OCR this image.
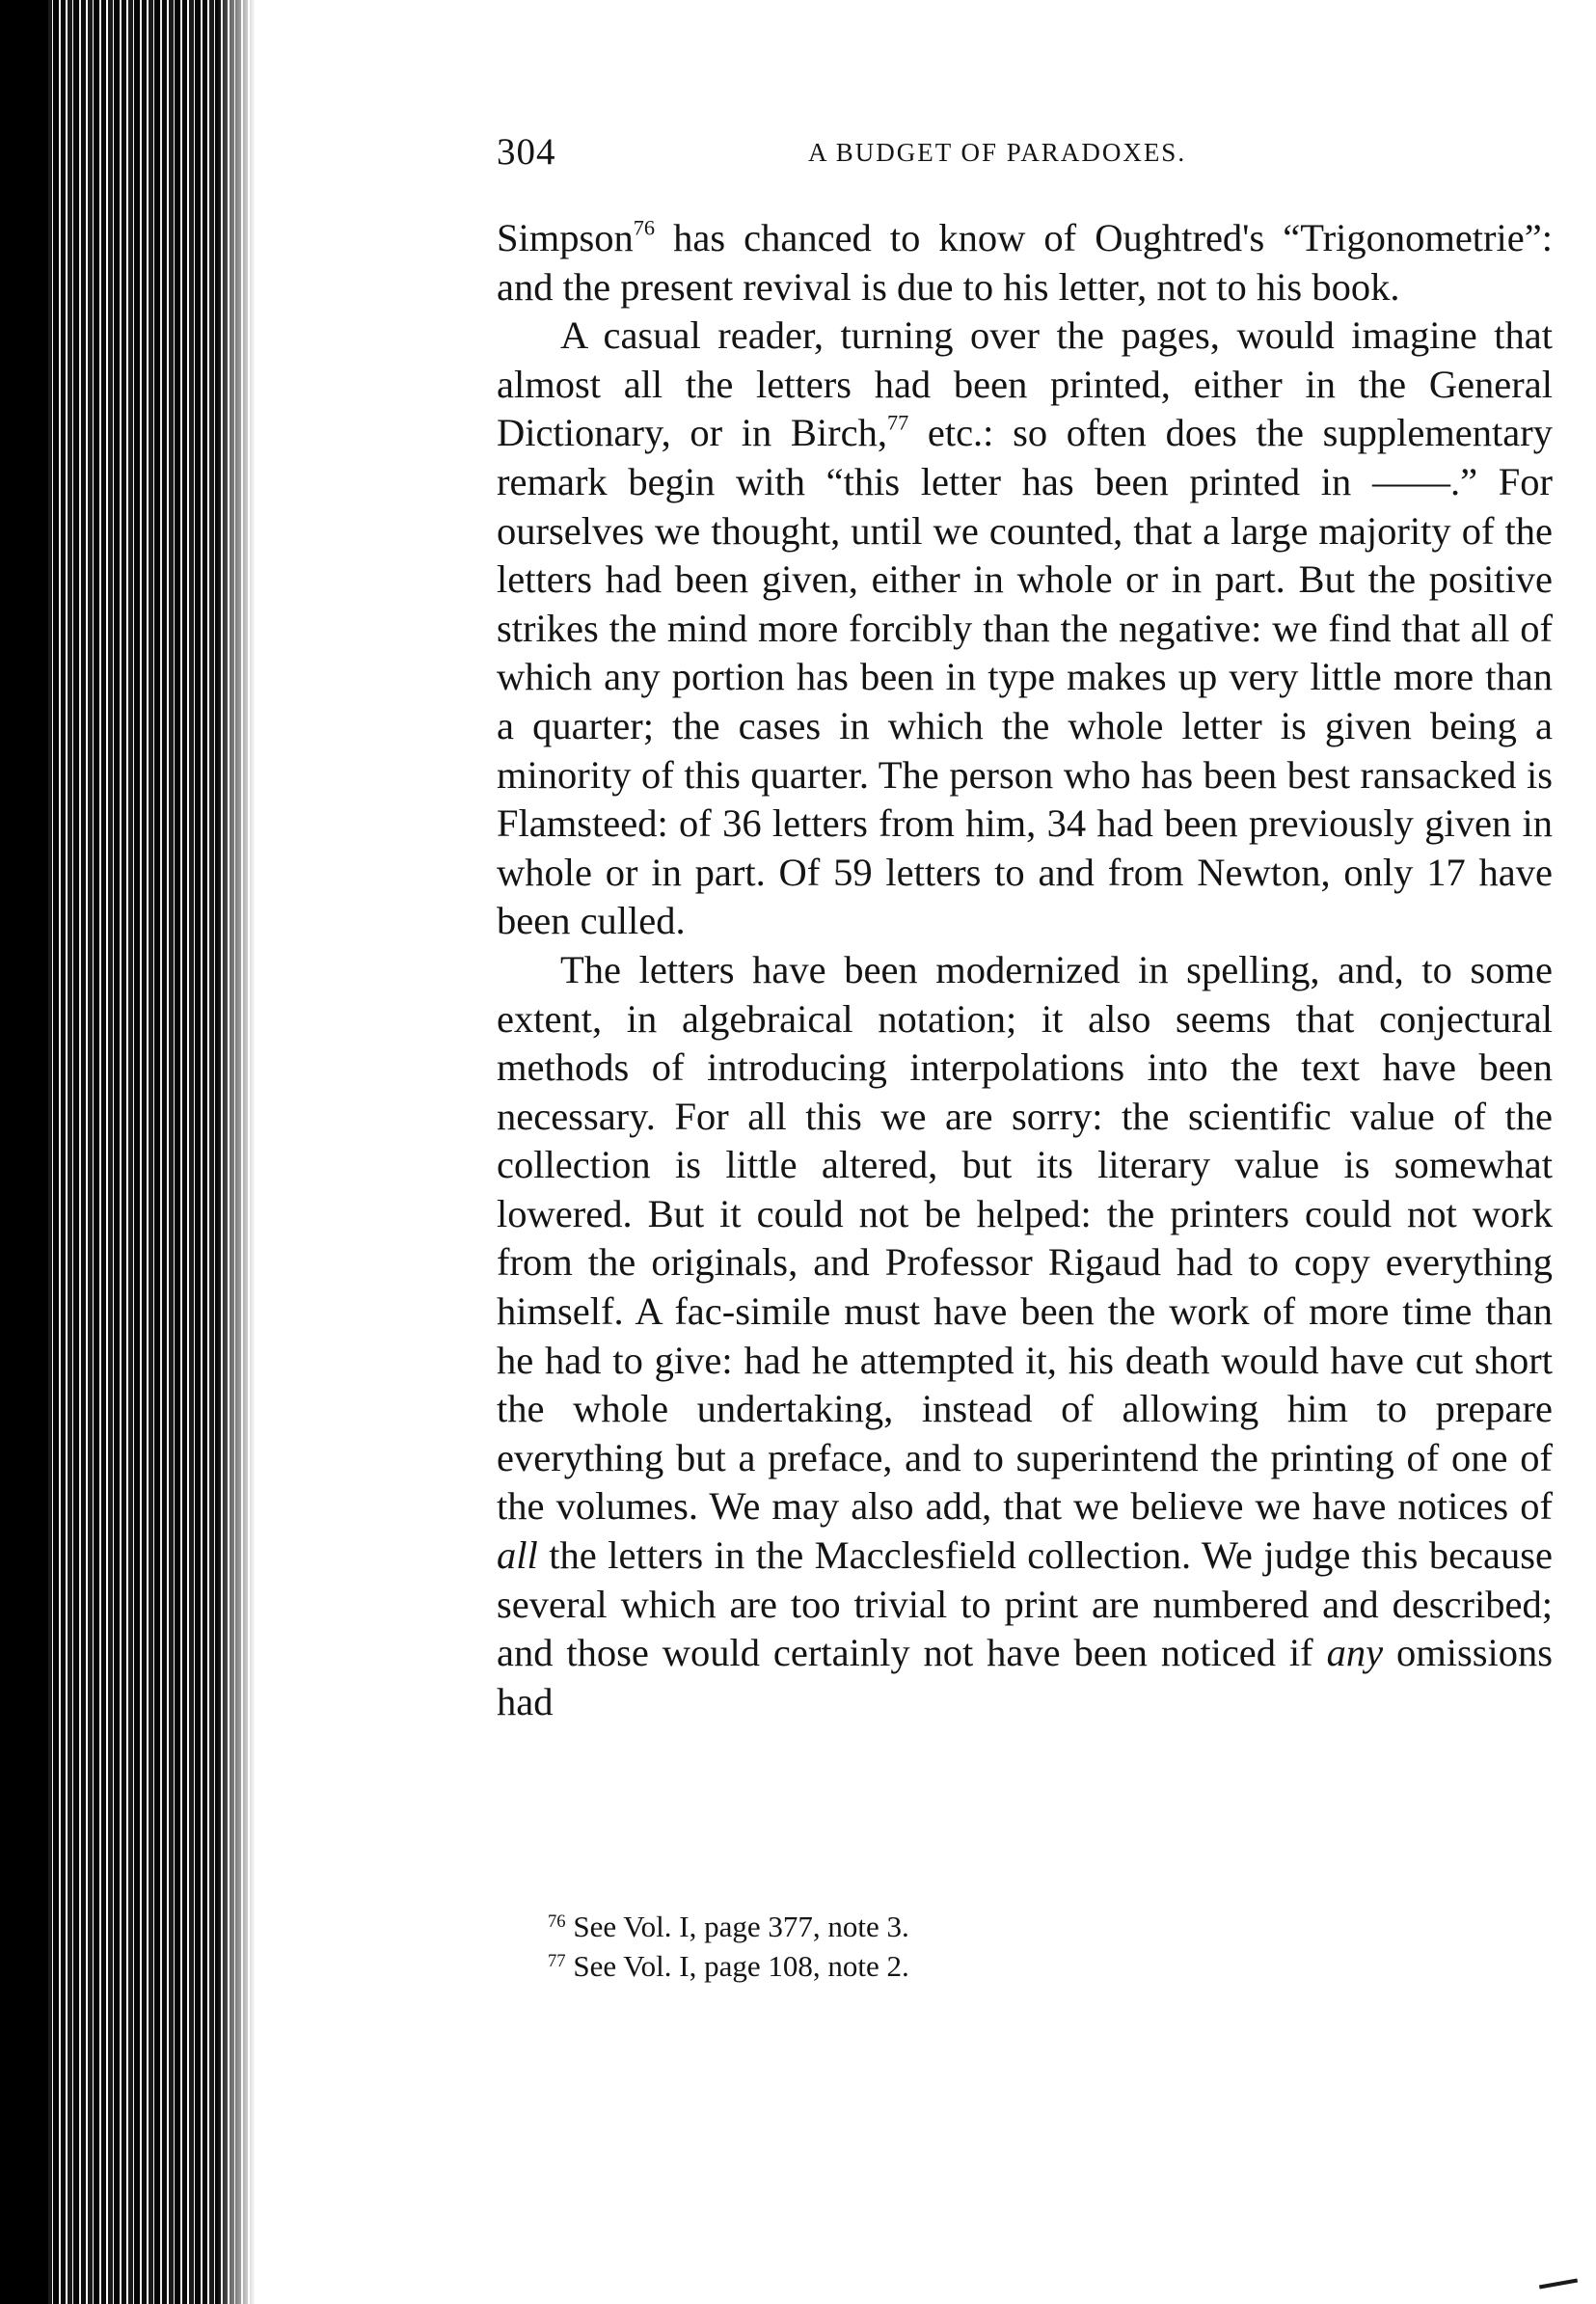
304	A BUDGET OF PARADOXES.

Simpson$^{76}$ has chanced to know of Oughtred's “Trigonometrie”: and the present revival is due to his letter, not to his book.

A casual reader, turning over the pages, would imagine that almost all the letters had been printed, either in the General Dictionary, or in Birch,$^{77}$ etc.: so often does the supplementary remark begin with “this letter has been printed in ——.” For ourselves we thought, until we counted, that a large majority of the letters had been given, either in whole or in part. But the positive strikes the mind more forcibly than the negative: we find that all of which any portion has been in type makes up very little more than a quarter; the cases in which the whole letter is given being a minority of this quarter. The person who has been best ransacked is Flamsteed: of 36 letters from him, 34 had been previously given in whole or in part. Of 59 letters to and from Newton, only 17 have been culled.

The letters have been modernized in spelling, and, to some extent, in algebraical notation; it also seems that conjectural methods of introducing interpolations into the text have been necessary. For all this we are sorry: the scientific value of the collection is little altered, but its literary value is somewhat lowered. But it could not be helped: the printers could not work from the originals, and Professor Rigaud had to copy everything himself. A fac-simile must have been the work of more time than he had to give: had he attempted it, his death would have cut short the whole undertaking, instead of allowing him to prepare everything but a preface, and to superintend the printing of one of the volumes. We may also add, that we believe we have notices of all the letters in the Macclesfield collection. We judge this because several which are too trivial to print are numbered and described; and those would certainly not have been noticed if any omissions had

$^{76}$ See Vol. I, page 377, note 3.
$^{77}$ See Vol. I, page 108, note 2.
